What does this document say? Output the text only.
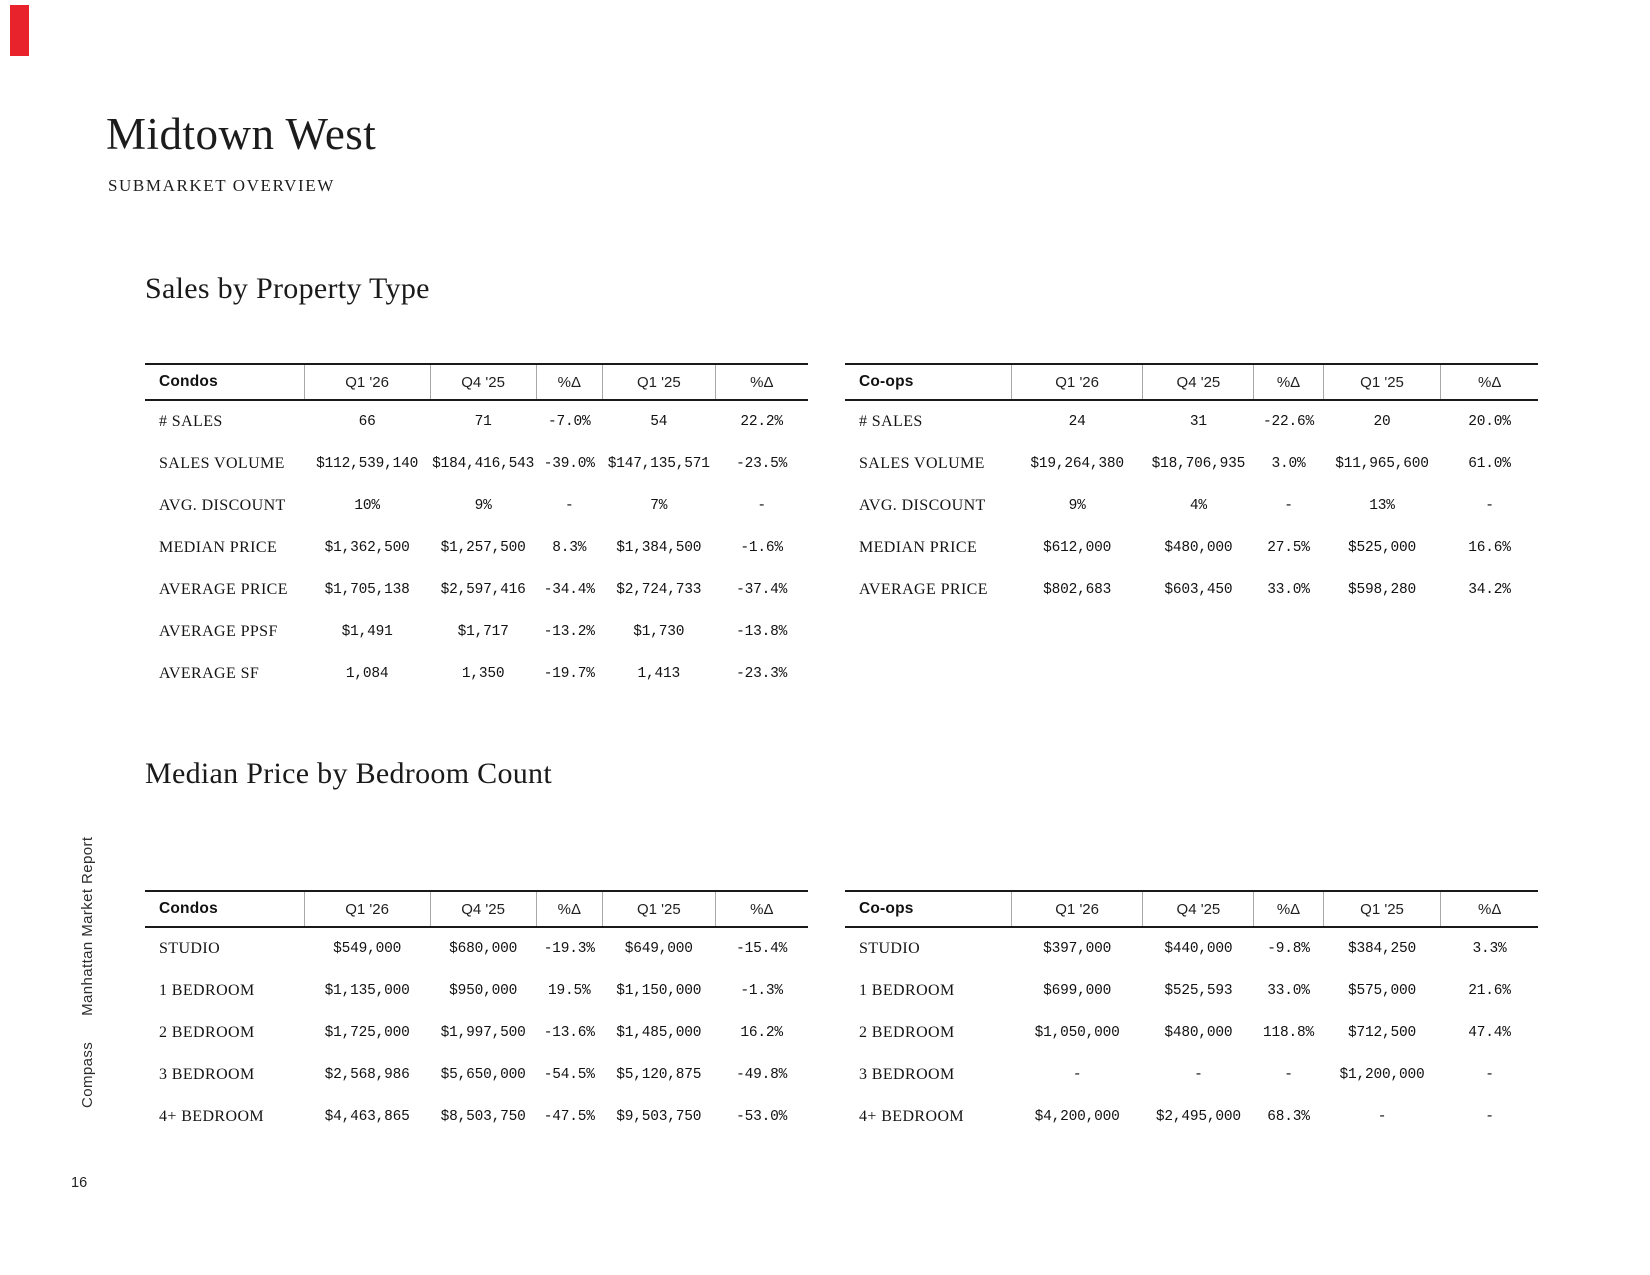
Midtown West
SUBMARKET OVERVIEW
Sales by Property Type
Condos	Q1 '26	Q4 '25	%Δ	Q1 '25	%Δ
# SALES	66	71	-7.0%	54	22.2%
SALES VOLUME	$112,539,140	$184,416,543	-39.0%	$147,135,571	-23.5%
AVG. DISCOUNT	10%	9%	-	7%	-
MEDIAN PRICE	$1,362,500	$1,257,500	8.3%	$1,384,500	-1.6%
AVERAGE PRICE	$1,705,138	$2,597,416	-34.4%	$2,724,733	-37.4%
AVERAGE PPSF	$1,491	$1,717	-13.2%	$1,730	-13.8%
AVERAGE SF	1,084	1,350	-19.7%	1,413	-23.3%
Co-ops	Q1 '26	Q4 '25	%Δ	Q1 '25	%Δ
# SALES	24	31	-22.6%	20	20.0%
SALES VOLUME	$19,264,380	$18,706,935	3.0%	$11,965,600	61.0%
AVG. DISCOUNT	9%	4%	-	13%	-
MEDIAN PRICE	$612,000	$480,000	27.5%	$525,000	16.6%
AVERAGE PRICE	$802,683	$603,450	33.0%	$598,280	34.2%
Median Price by Bedroom Count
Condos	Q1 '26	Q4 '25	%Δ	Q1 '25	%Δ
STUDIO	$549,000	$680,000	-19.3%	$649,000	-15.4%
1 BEDROOM	$1,135,000	$950,000	19.5%	$1,150,000	-1.3%
2 BEDROOM	$1,725,000	$1,997,500	-13.6%	$1,485,000	16.2%
3 BEDROOM	$2,568,986	$5,650,000	-54.5%	$5,120,875	-49.8%
4+ BEDROOM	$4,463,865	$8,503,750	-47.5%	$9,503,750	-53.0%
Co-ops	Q1 '26	Q4 '25	%Δ	Q1 '25	%Δ
STUDIO	$397,000	$440,000	-9.8%	$384,250	3.3%
1 BEDROOM	$699,000	$525,593	33.0%	$575,000	21.6%
2 BEDROOM	$1,050,000	$480,000	118.8%	$712,500	47.4%
3 BEDROOM	-	-	-	$1,200,000	-
4+ BEDROOM	$4,200,000	$2,495,000	68.3%	-	-
CompassManhattan Market Report
16
